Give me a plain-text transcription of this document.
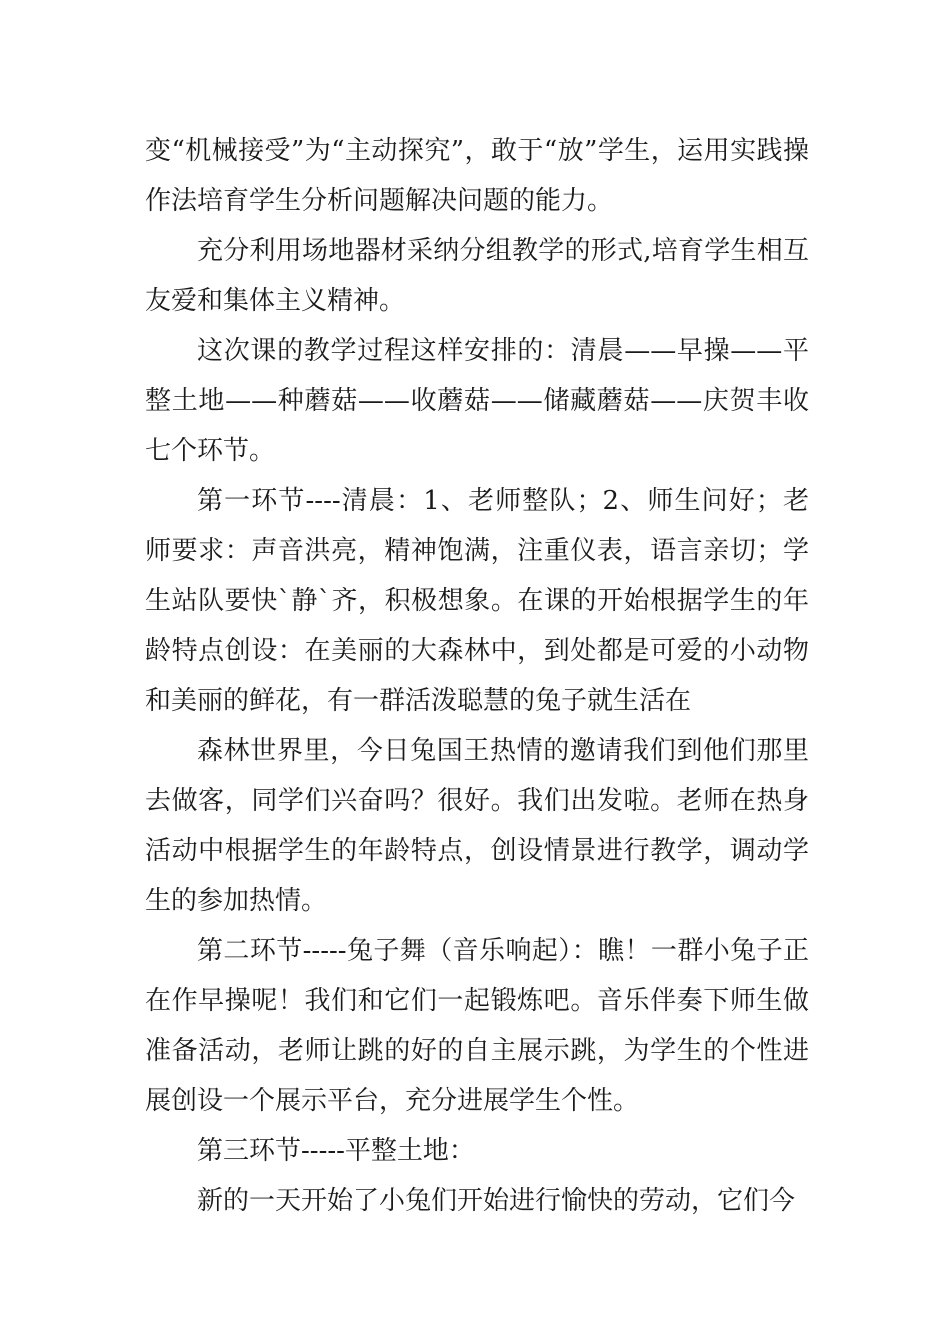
变“机械接受”为“主动探究”，敢于“放”学生，运用实践操作法培育学生分析问题解决问题的能力。

充分利用场地器材采纳分组教学的形式,培育学生相互友爱和集体主义精神。

这次课的教学过程这样安排的：清晨——早操——平整土地——种蘑菇——收蘑菇——储藏蘑菇——庆贺丰收七个环节。

第一环节----清晨：1、老师整队；2、师生问好；老师要求：声音洪亮，精神饱满，注重仪表，语言亲切；学生站队要快`静`齐，积极想象。在课的开始根据学生的年龄特点创设：在美丽的大森林中，到处都是可爱的小动物和美丽的鲜花，有一群活泼聪慧的兔子就生活在

森林世界里，今日兔国王热情的邀请我们到他们那里去做客，同学们兴奋吗？很好。我们出发啦。老师在热身活动中根据学生的年龄特点，创设情景进行教学，调动学生的参加热情。

第二环节-----兔子舞（音乐响起）：瞧！一群小兔子正在作早操呢！我们和它们一起锻炼吧。音乐伴奏下师生做准备活动，老师让跳的好的自主展示跳，为学生的个性进展创设一个展示平台，充分进展学生个性。

第三环节-----平整土地：

新的一天开始了小兔们开始进行愉快的劳动，它们今
